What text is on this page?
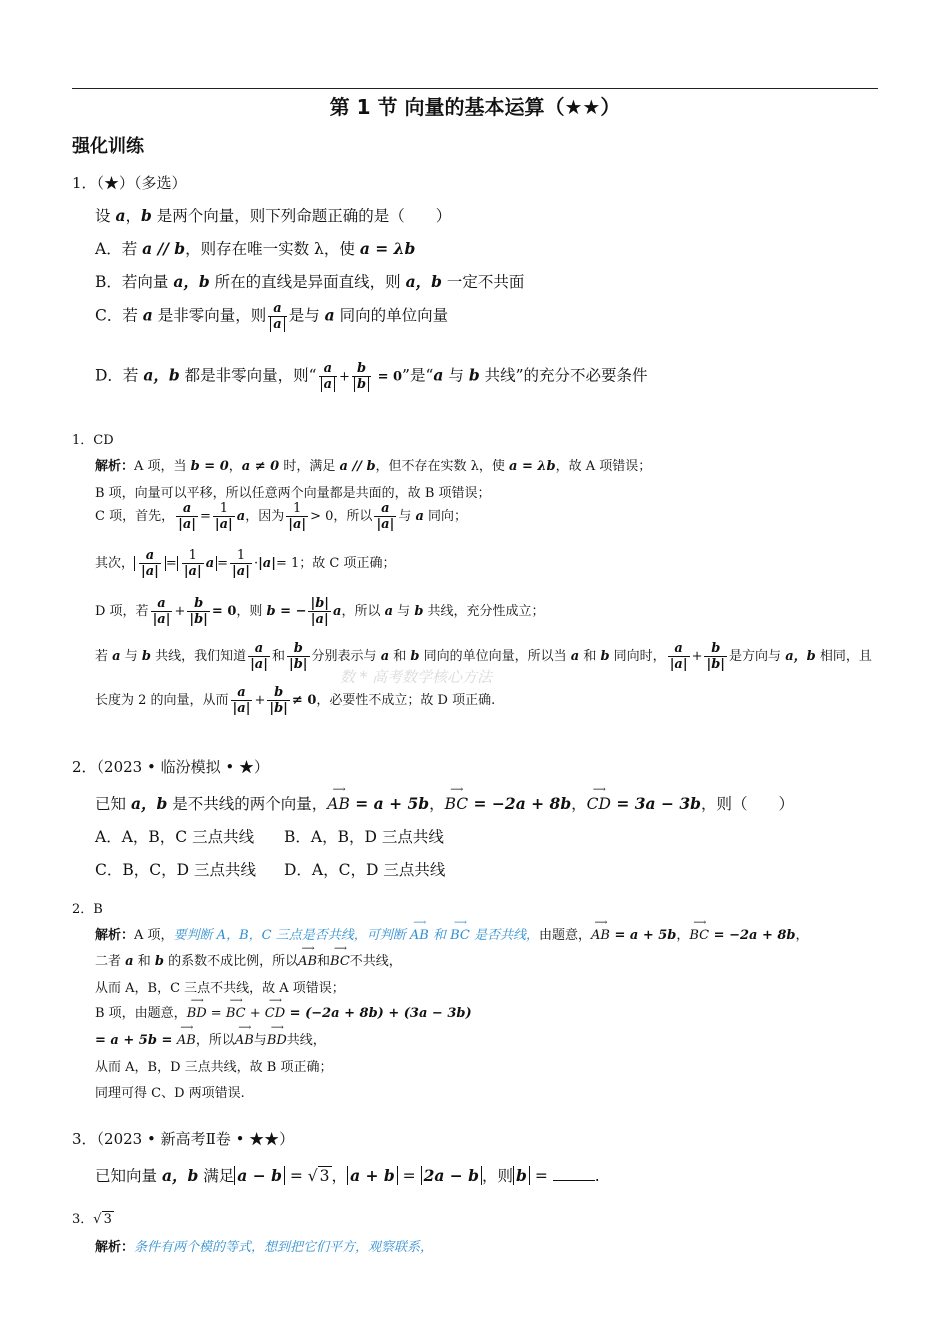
第 1 节 向量的基本运算（★★）
强化训练
1．（★）（多选）
设 a，b 是两个向量，则下列命题正确的是（　　）
A．若 a // b，则存在唯一实数 λ，使 a = λb
B．若向量 a，b 所在的直线是异面直线，则 a，b 一定不共面
C．若 a 是非零向量，则 $\frac{a}{a}$ 是与 a 同向的单位向量
D．若 a，b 都是非零向量，则“ $\frac{a}{a} + \frac{b}{b} = 0$”是“a 与 b 共线”的充分不必要条件
1．CD
解析：A 项，当 b = 0，a ≠ 0 时，满足 a // b，但不存在实数 λ，使 a = λb，故 A 项错误；
B 项，向量可以平移，所以任意两个向量都是共面的，故 B 项错误；
C 项，首先， $\frac{a}{|a|} = \frac{1}{|a|}$ a，因为 $\frac{1}{|a|} > 0$，所以 $\frac{a}{|a|}$ 与 a 同向；
其次， $\frac{a}{|a|} = \frac{1}{|a|}$ $a = \frac{1}{|a|} \cdot|a|= 1$；故 C 项正确；
D 项，若 $\frac{a}{|a|} + \frac{b}{|b|} = 0$，则 b = − $\frac{|b|}{|a|}$ a，所以 a 与 b 共线，充分性成立；
若 a 与 b 共线，我们知道 $\frac{a}{|a|}$ 和 $\frac{b}{|b|}$ 分别表示与 a 和 b 同向的单位向量，所以当 a 和 b 同向时， $\frac{a}{|a|} + \frac{b}{|b|}$ 是方向与 a，b 相同，且
数 * 高考数学核心方法
长度为 2 的向量，从而 $\frac{a}{|a|} + \frac{b}{|b|} \ne 0$，必要性不成立；故 D 项正确.
2．（2023 • 临汾模拟 • ★）
已知 a，b 是不共线的两个向量，⟶ AB = a + 5b，⟶ BC = −2a + 8b，⟶ CD = 3a − 3b，则（　　）
A．A，B，C 三点共线 B．A，B，D 三点共线
C．B，C，D 三点共线 D．A，C，D 三点共线
2．B
解析：A 项，要判断 A，B，C 三点是否共线，可判断 ⟶ AB 和 ⟶ BC 是否共线，由题意，⟶ AB = a + 5b，⟶ BC = −2a + 8b，
二者 a 和 b 的系数不成比例，所以⟶ AB和⟶ BC不共线，
从而 A，B，C 三点不共线，故 A 项错误；
B 项，由题意，⟶ BD = ⟶ BC + ⟶ CD = (−2a + 8b) + (3a − 3b)
= a + 5b = ⟶ AB，所以⟶ AB与⟶ BD共线，
从而 A，B，D 三点共线，故 B 项正确；
同理可得 C、D 两项错误.
3．（2023 • 新高考Ⅱ卷 • ★★）
已知向量 a，b 满足 a − b = √ 3 ， a + b = 2a − b ，则 b =	.
3．√ 3
解析：条件有两个模的等式，想到把它们平方，观察联系，
